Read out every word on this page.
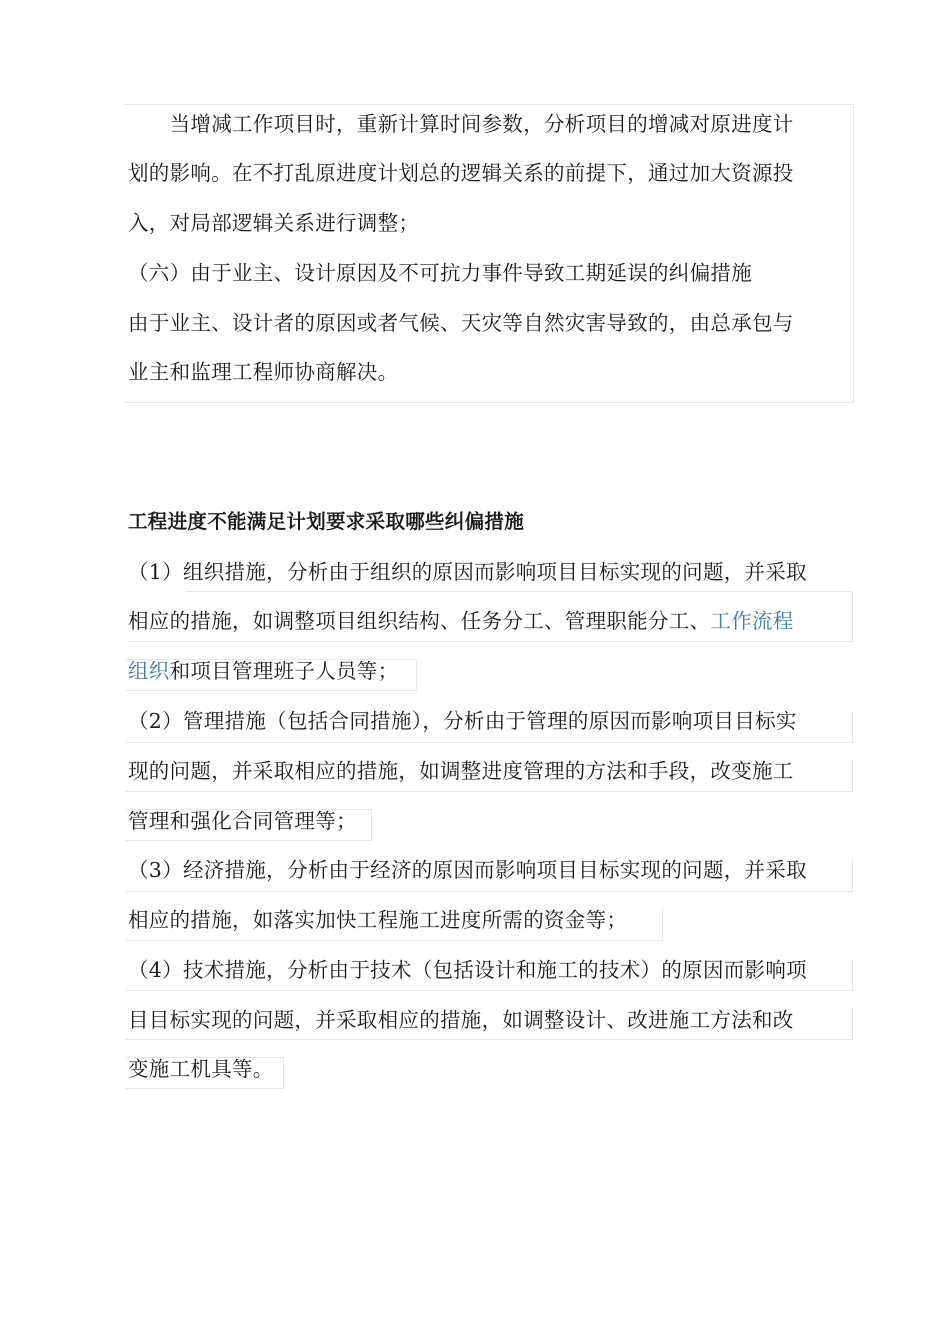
　　当增减工作项目时，重新计算时间参数，分析项目的增减对原进度计
划的影响。在不打乱原进度计划总的逻辑关系的前提下，通过加大资源投
入，对局部逻辑关系进行调整；
（六）由于业主、设计原因及不可抗力事件导致工期延误的纠偏措施
由于业主、设计者的原因或者气候、天灾等自然灾害导致的，由总承包与
业主和监理工程师协商解决。
工程进度不能满足计划要求采取哪些纠偏措施
（1）组织措施，分析由于组织的原因而影响项目目标实现的问题，并采取
相应的措施，如调整项目组织结构、任务分工、管理职能分工、工作流程
组织和项目管理班子人员等；
（2）管理措施（包括合同措施），分析由于管理的原因而影响项目目标实
现的问题，并采取相应的措施，如调整进度管理的方法和手段，改变施工
管理和强化合同管理等；
（3）经济措施，分析由于经济的原因而影响项目目标实现的问题，并采取
相应的措施，如落实加快工程施工进度所需的资金等；
（4）技术措施，分析由于技术（包括设计和施工的技术）的原因而影响项
目目标实现的问题，并采取相应的措施，如调整设计、改进施工方法和改
变施工机具等。
